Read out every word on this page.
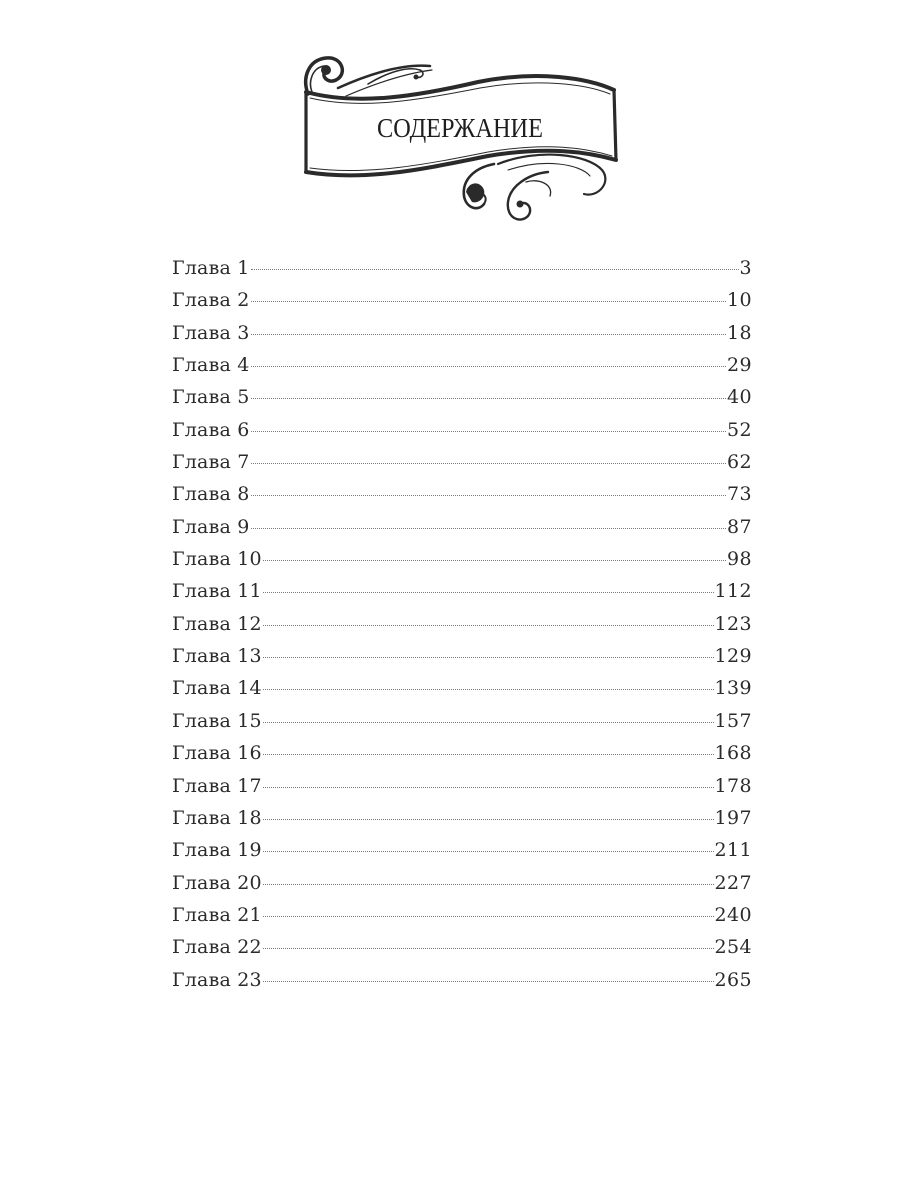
СОДЕРЖАНИЕ
Глава 1	3
Глава 2	10
Глава 3	18
Глава 4	29
Глава 5	40
Глава 6	52
Глава 7	62
Глава 8	73
Глава 9	87
Глава 10	98
Глава 11	112
Глава 12	123
Глава 13	129
Глава 14	139
Глава 15	157
Глава 16	168
Глава 17	178
Глава 18	197
Глава 19	211
Глава 20	227
Глава 21	240
Глава 22	254
Глава 23	265
